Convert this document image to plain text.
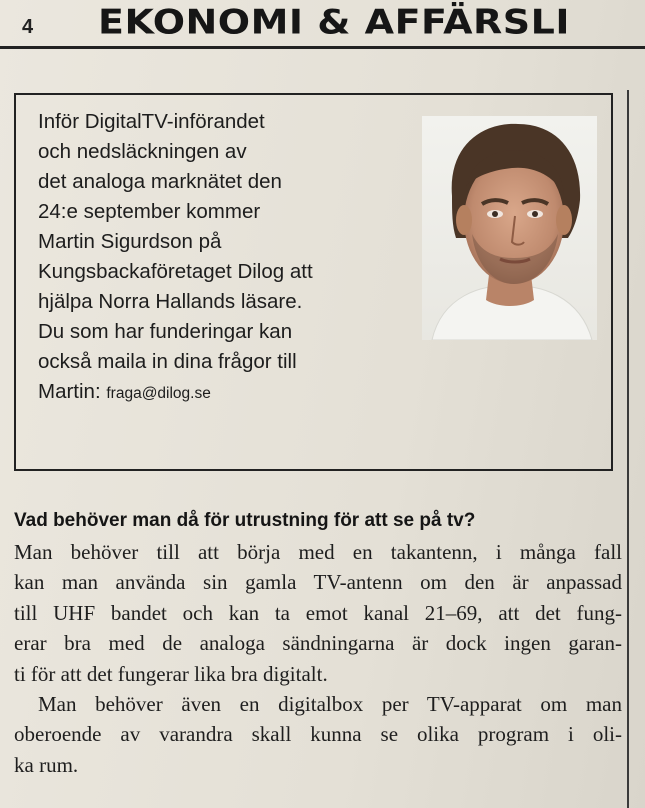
4 EKONOMI & AFFÄRSLI
Inför DigitalTV-införandet
och nedsläckningen av
det analoga marknätet den
24:e september kommer
Martin Sigurdson på
Kungsbackaföretaget Dilog att
hjälpa Norra Hallands läsare.
Du som har funderingar kan
också maila in dina frågor till
Martin: fraga@dilog.se
Vad behöver man då för utrustning för att se på tv?
Man behöver till att börja med en takantenn, i många fall
kan man använda sin gamla TV-antenn om den är anpassad
till UHF bandet och kan ta emot kanal 21–69, att det fung-
erar bra med de analoga sändningarna är dock ingen garan-
ti för att det fungerar lika bra digitalt.
Man behöver även en digitalbox per TV-apparat om man
oberoende av varandra skall kunna se olika program i oli-
ka rum.
